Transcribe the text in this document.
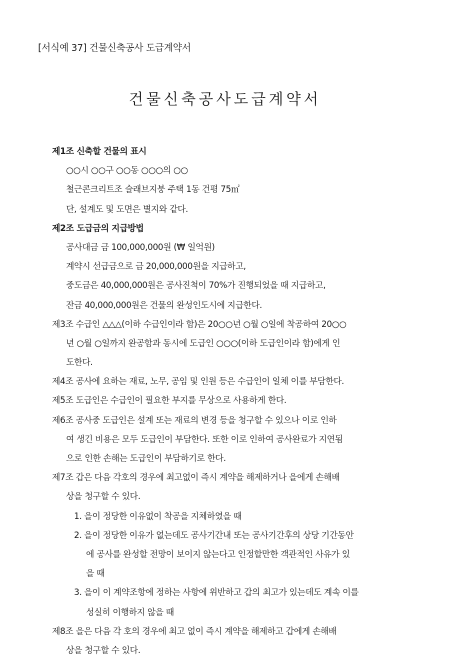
[서식예 37] 건물신축공사 도급계약서
건물신축공사도급계약서
제1조 신축할 건물의 표시
○○시 ○○구 ○○동 ○○○의 ○○
철근콘크리트조 슬래브지붕 주택 1동 건평 75㎡
단, 설계도 및 도면은 별지와 같다.
제2조 도급금의 지급방법
공사대금 금 100,000,000원 (₩ 일억원)
계약시 선급금으로 금 20,000,000원을 지급하고,
중도금은 40,000,000원은 공사진척이 70%가 진행되었을 때 지급하고,
잔금 40,000,000원은 건물의 완성인도시에 지급한다.
제3조 수급인 △△△(이하 수급인이라 함)은 20○○년 ○월 ○일에 착공하여 20○○
년 ○월 ○일까지 완공함과 동시에 도급인 ○○○(이하 도급인이라 함)에게 인
도한다.
제4조 공사에 요하는 재료, 노무, 공임 및 인원 등은 수급인이 일체 이를 부담한다.
제5조 도급인은 수급인이 필요한 부지를 무상으로 사용하게 한다.
제6조 공사중 도급인은 설계 또는 재료의 변경 등을 청구할 수 있으나 이로 인하
여 생긴 비용은 모두 도급인이 부담한다. 또한 이로 인하여 공사완료가 지연됨
으로 인한 손해는 도급인이 부담하기로 한다.
제7조 갑은 다음 각호의 경우에 최고없이 즉시 계약을 해제하거나 을에게 손해배
상을 청구할 수 있다.
1. 을이 정당한 이유없이 착공을 지체하였을 때
2. 을이 정당한 이유가 없는데도 공사기간내 또는 공사기간후의 상당 기간동안
에 공사를 완성할 전망이 보이지 않는다고 인정할만한 객관적인 사유가 있
을 때
3. 을이 이 계약조항에 정하는 사항에 위반하고 갑의 최고가 있는데도 계속 이를
성실히 이행하지 않을 때
제8조 을은 다음 각 호의 경우에 최고 없이 즉시 계약을 해제하고 갑에게 손해배
상을 청구할 수 있다.
